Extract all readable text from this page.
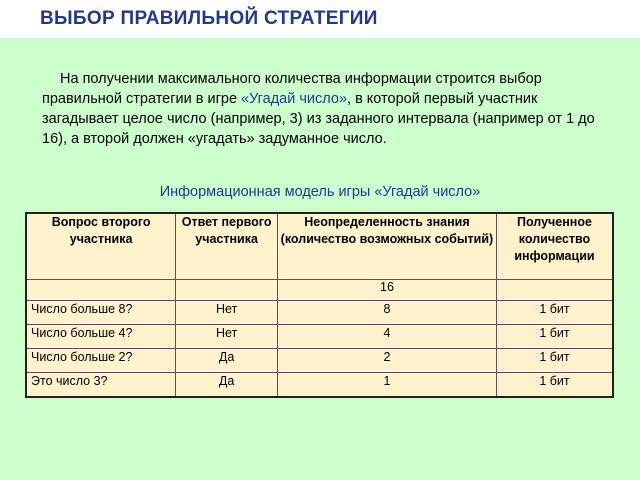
ВЫБОР ПРАВИЛЬНОЙ СТРАТЕГИИ
На получении максимального количества информации строится выбор правильной стратегии в игре «Угадай число», в которой первый участник загадывает целое число (например, 3) из заданного интервала (например от 1 до 16), а второй должен «угадать» задуманное число.
Информационная модель игры «Угадай число»
Вопрос второго участника	Ответ первого участника	Неопределенность знания (количество возможных событий)	Полученное количество информации
		16	
Число больше 8?	Нет	8	1 бит
Число больше 4?	Нет	4	1 бит
Число больше 2?	Да	2	1 бит
Это число 3?	Да	1	1 бит
